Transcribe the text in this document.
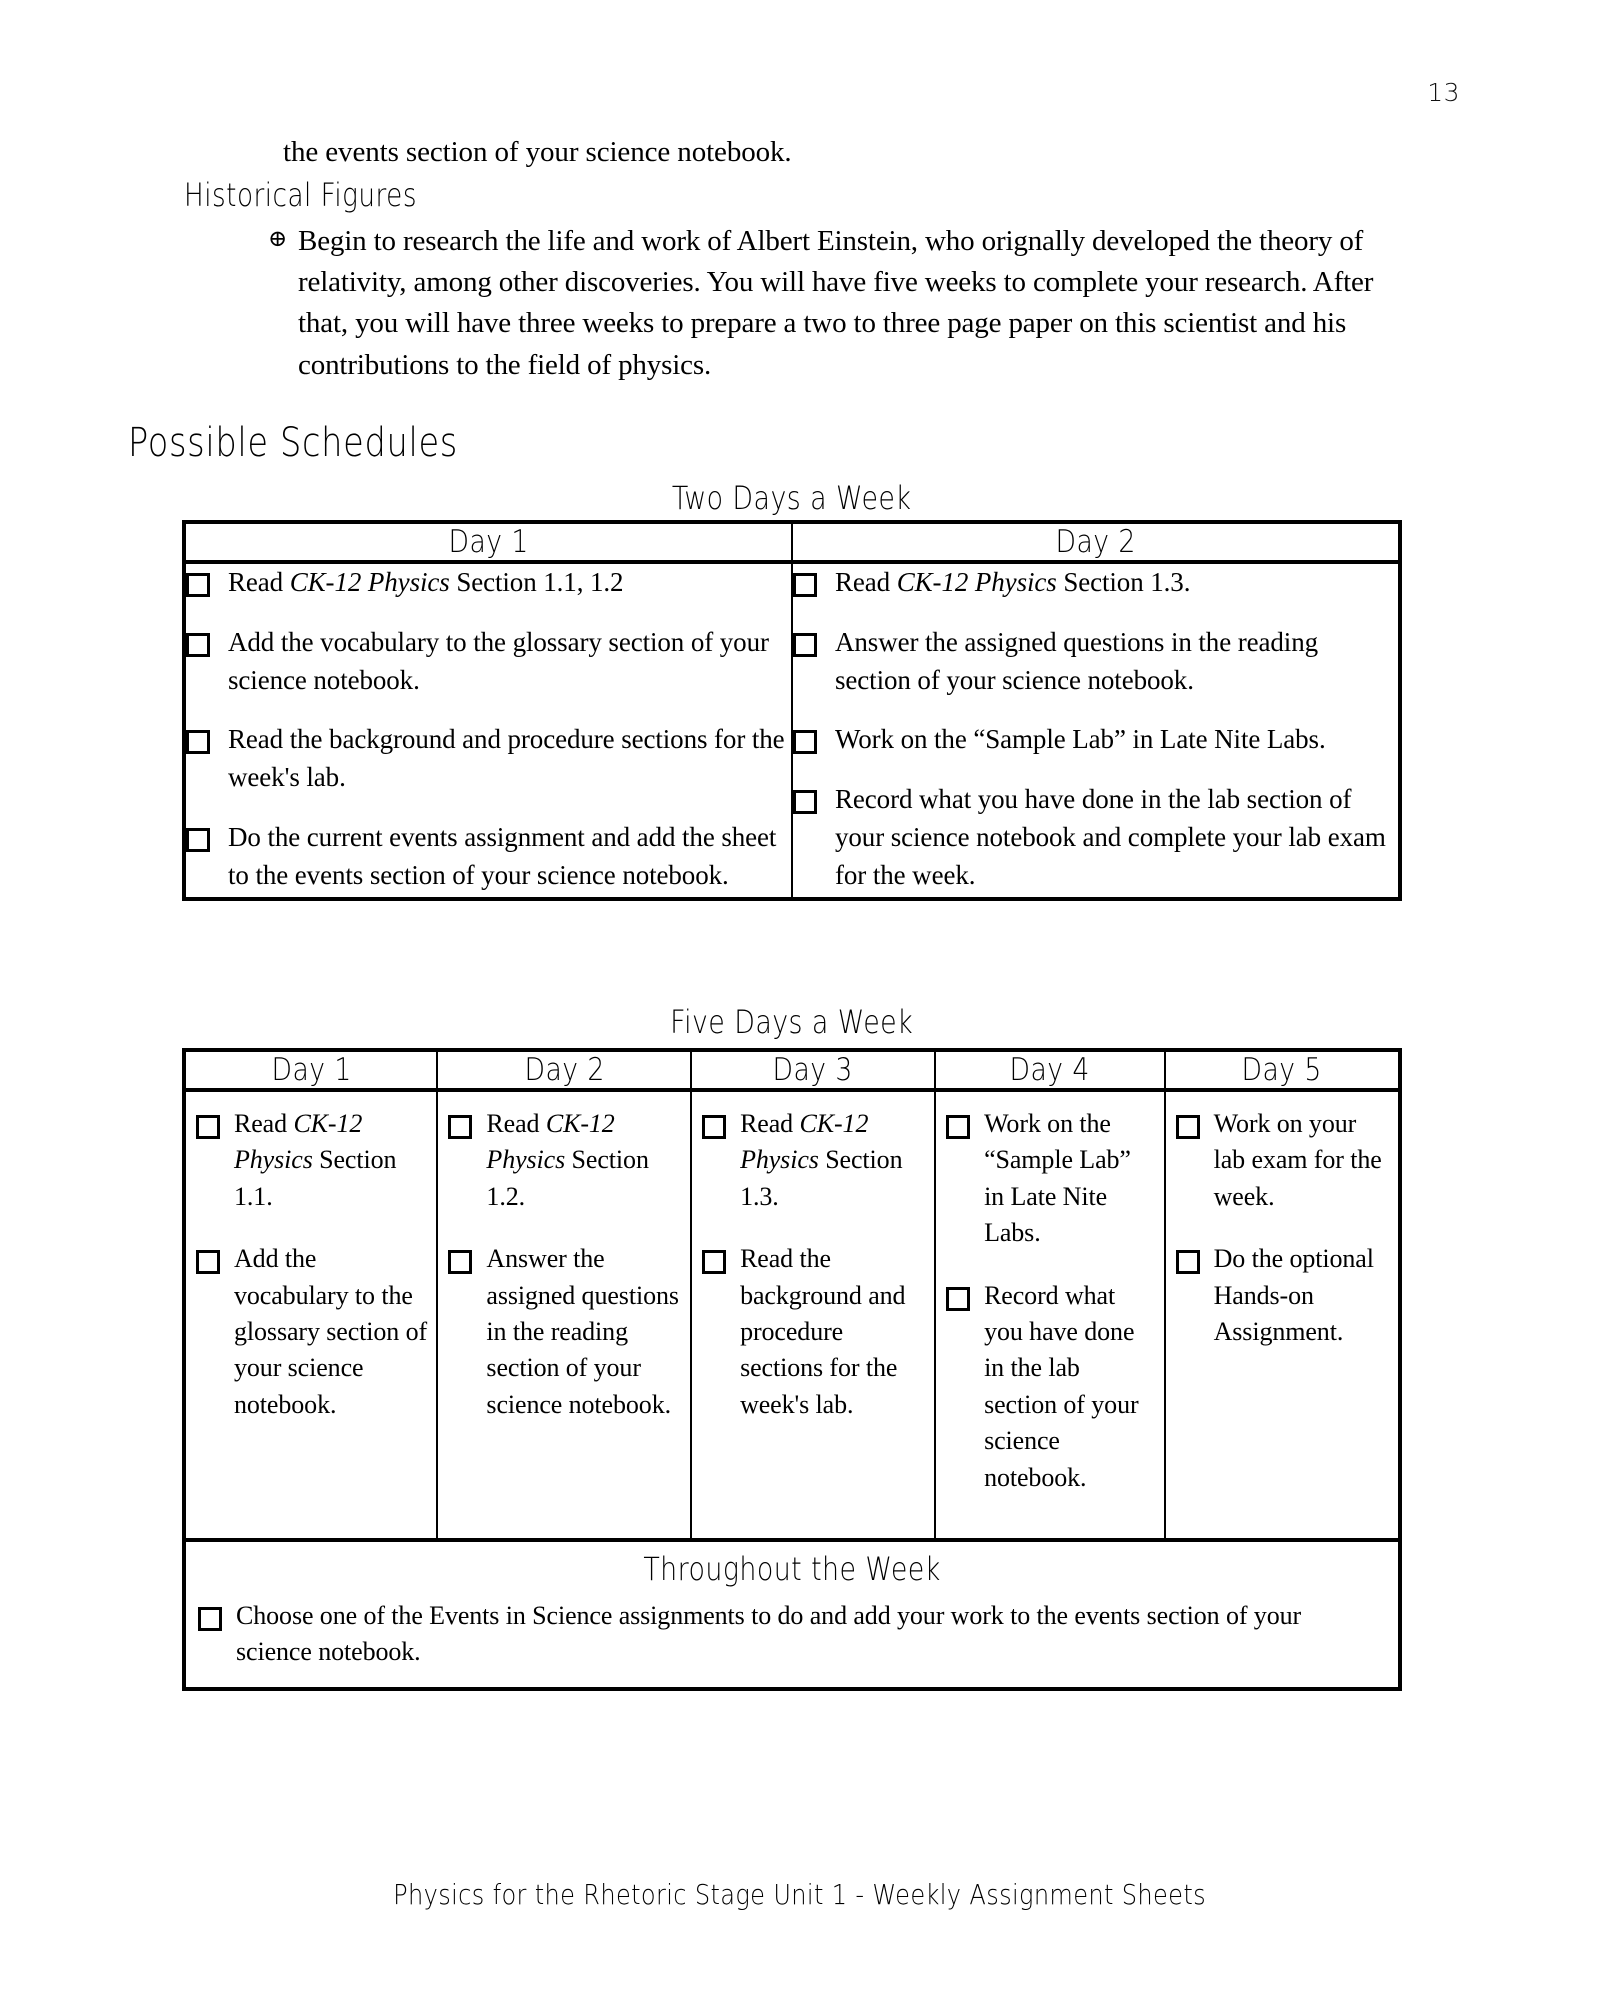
13
the events section of your science notebook.
Historical Figures
⊕ Begin to research the life and work of Albert Einstein, who orignally developed the theory of relativity, among other discoveries. You will have five weeks to complete your research. After that, you will have three weeks to prepare a two to three page paper on this scientist and his contributions to the field of physics.
Possible Schedules
Two Days a Week
Day 1	Day 2

Read CK-12 Physics Section 1.1, 1.2
Add the vocabulary to the glossary section of your science notebook.
Read the background and procedure sections for the week's lab.
Do the current events assignment and add the sheet to the events section of your science notebook.

Read CK-12 Physics Section 1.3.
Answer the assigned questions in the reading section of your science notebook.
Work on the “Sample Lab” in Late Nite Labs.
Record what you have done in the lab section of your science notebook and complete your lab exam for the week.
Five Days a Week
Day 1	Day 2	Day 3	Day 4	Day 5

Read CK-12 Physics Section 1.1.
Add the vocabulary to the glossary section of your science notebook.

Read CK-12 Physics Section 1.2.
Answer the assigned questions in the reading section of your science notebook.

Read CK-12 Physics Section 1.3.
Read the background and procedure sections for the week's lab.

Work on the “Sample Lab” in Late Nite Labs.
Record what you have done in the lab section of your science notebook.

Work on your lab exam for the week.
Do the optional Hands-on Assignment.

Throughout the Week
Choose one of the Events in Science assignments to do and add your work to the events section of your science notebook.				
Physics for the Rhetoric Stage Unit 1 - Weekly Assignment Sheets
